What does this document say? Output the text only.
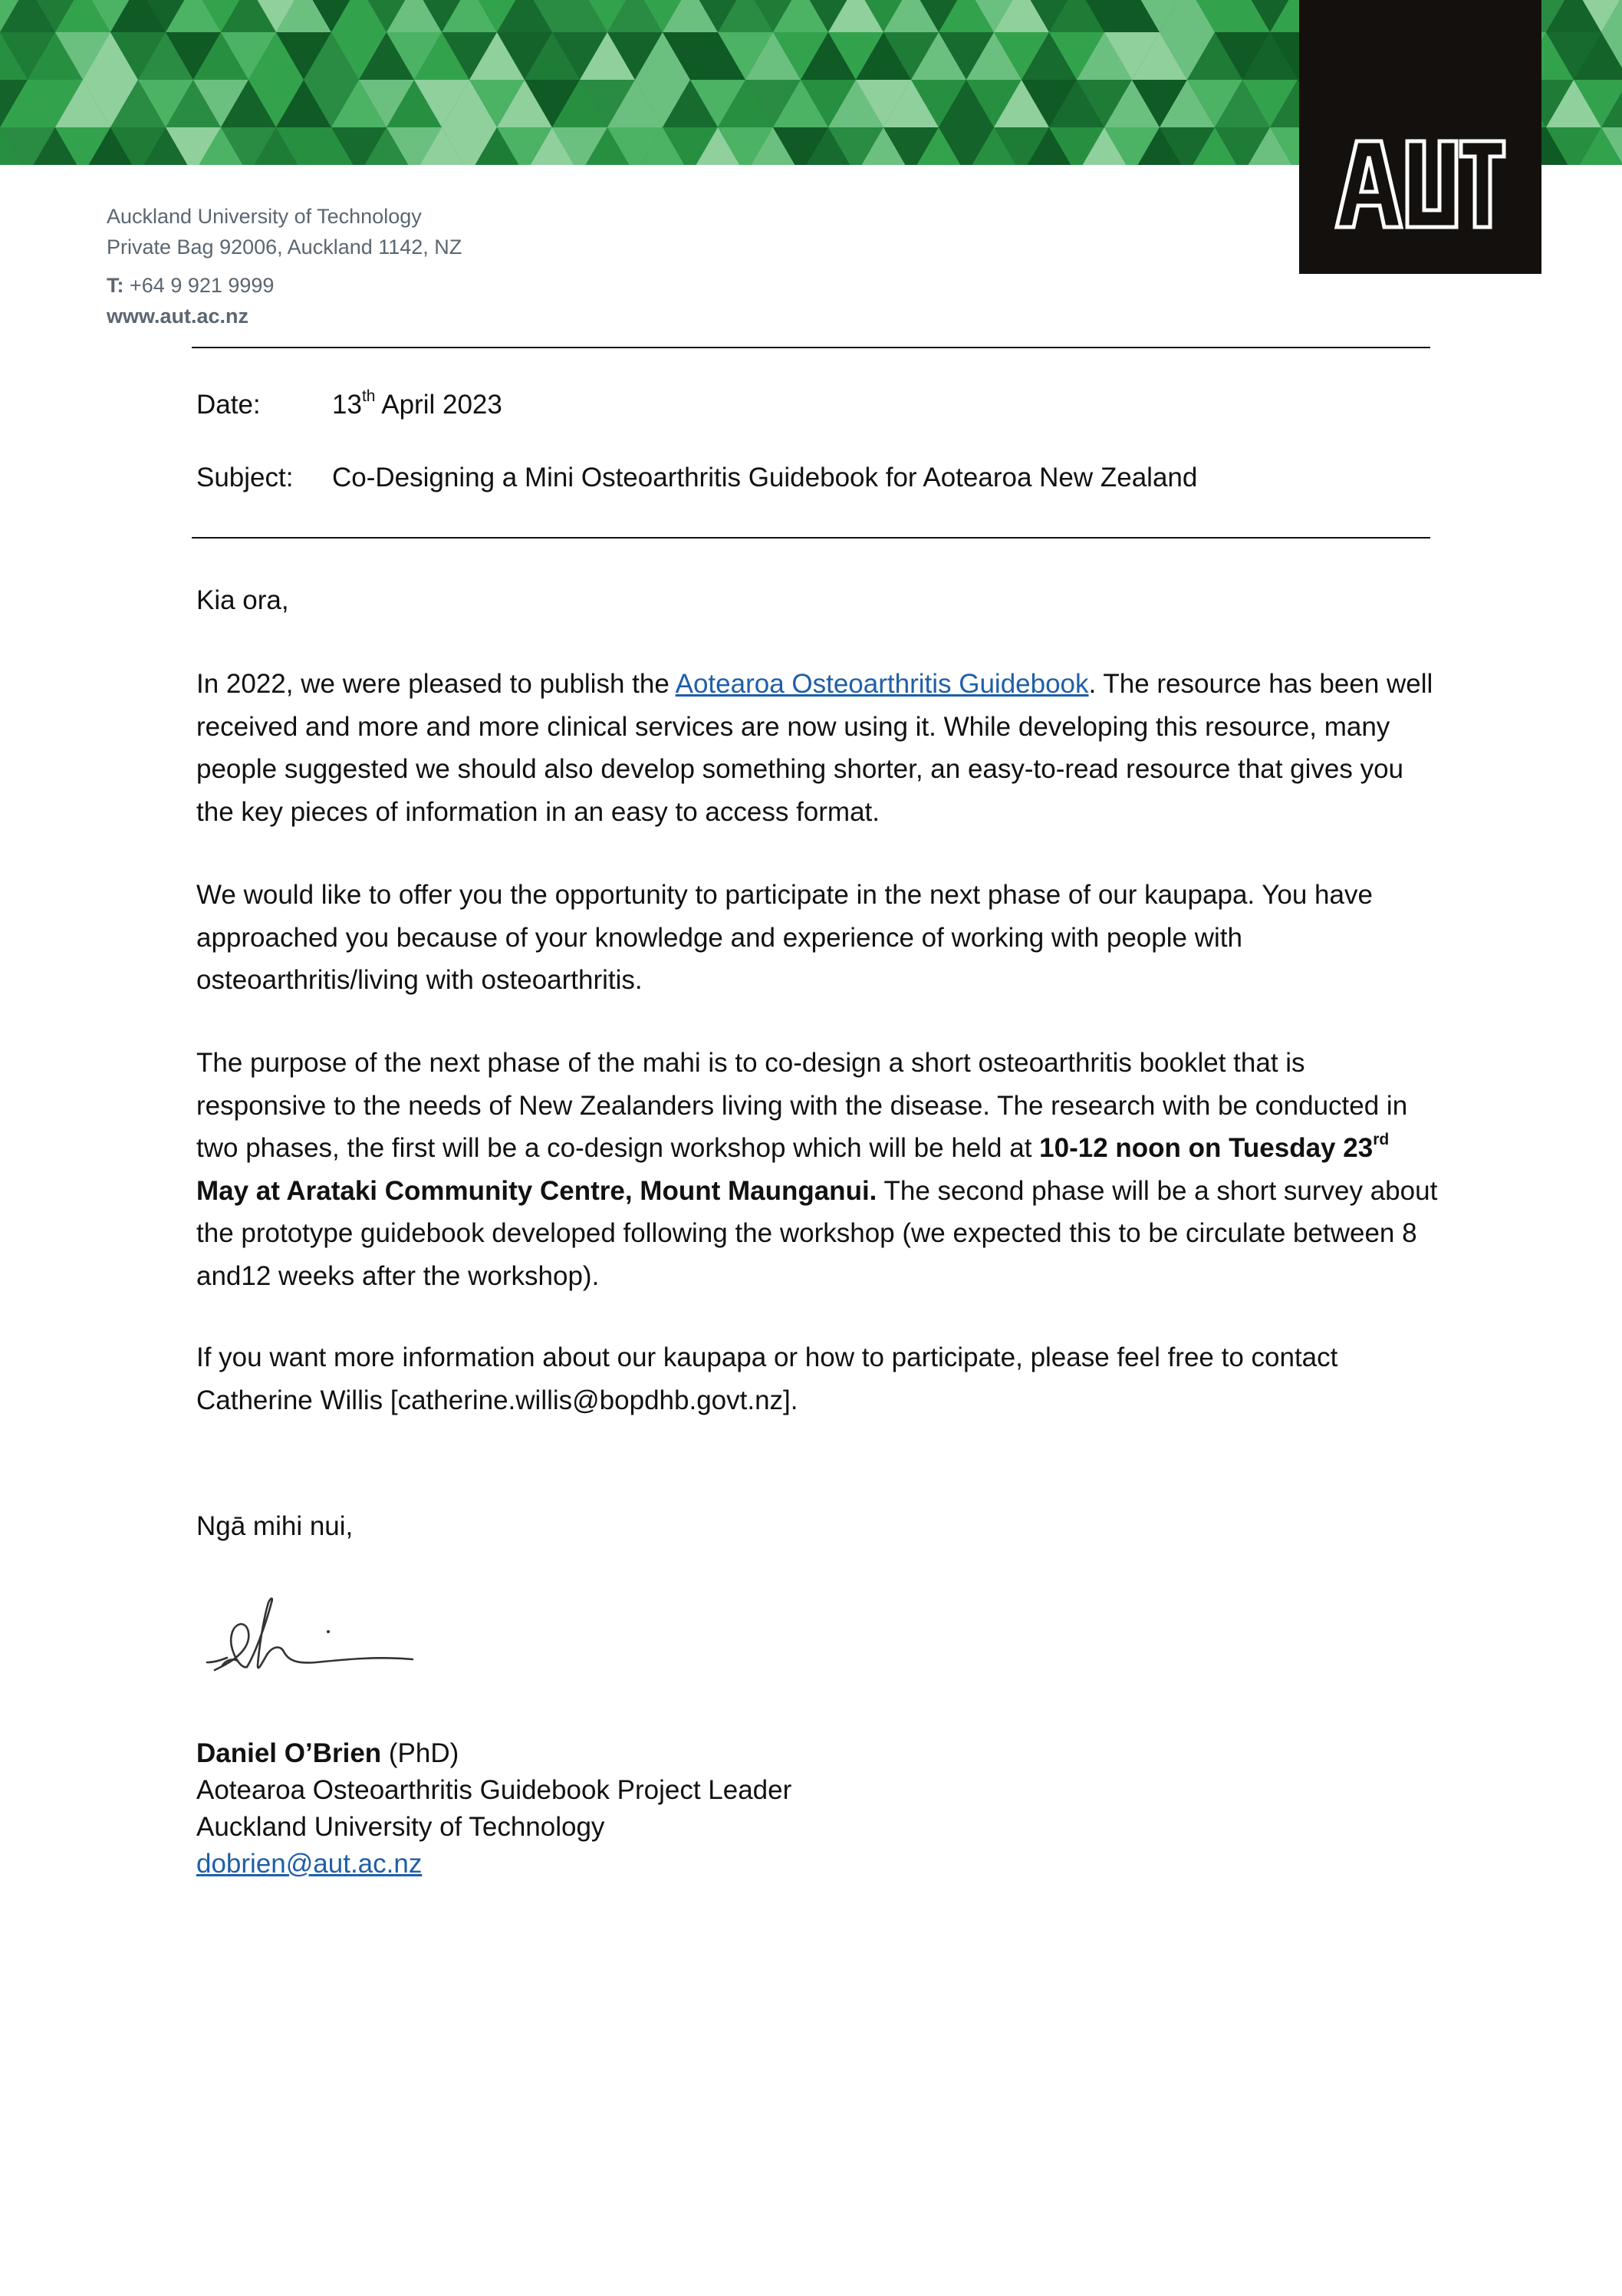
Auckland University of Technology
Private Bag 92006, Auckland 1142, NZ
T: +64 9 921 9999
www.aut.ac.nz
Date:	13th April 2023
Subject: Co-Designing a Mini Osteoarthritis Guidebook for Aotearoa New Zealand

Kia ora,

In 2022, we were pleased to publish the Aotearoa Osteoarthritis Guidebook. The resource has been well received and more and more clinical services are now using it. While developing this resource, many people suggested we should also develop something shorter, an easy-to-read resource that gives you the key pieces of information in an easy to access format.

We would like to offer you the opportunity to participate in the next phase of our kaupapa. You have approached you because of your knowledge and experience of working with people with osteoarthritis/living with osteoarthritis.

The purpose of the next phase of the mahi is to co-design a short osteoarthritis booklet that is responsive to the needs of New Zealanders living with the disease. The research with be conducted in two phases, the first will be a co-design workshop which will be held at 10-12 noon on Tuesday 23rd May at Arataki Community Centre, Mount Maunganui. The second phase will be a short survey about the prototype guidebook developed following the workshop (we expected this to be circulate between 8 and12 weeks after the workshop).

If you want more information about our kaupapa or how to participate, please feel free to contact Catherine Willis [catherine.willis@bopdhb.govt.nz].

Ngā mihi nui,

Daniel O’Brien (PhD)
Aotearoa Osteoarthritis Guidebook Project Leader
Auckland University of Technology
dobrien@aut.ac.nz
